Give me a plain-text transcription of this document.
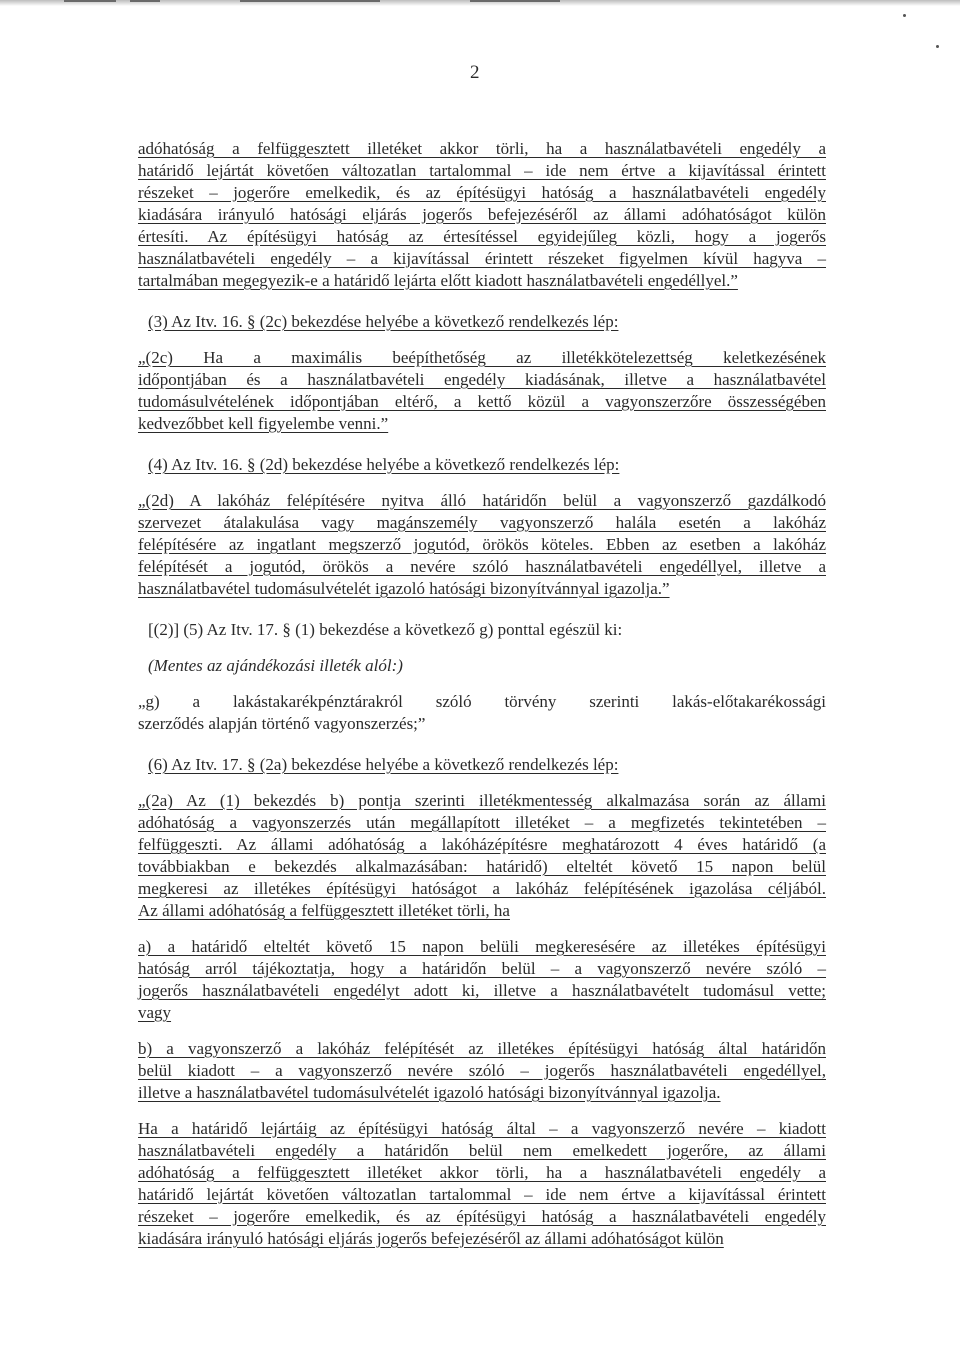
2
adóhatóság a felfüggesztett illetéket akkor törli, ha a használatbavételi engedély a
határidő lejártát követően változatlan tartalommal – ide nem értve a kijavítással érintett
részeket – jogerőre emelkedik, és az építésügyi hatóság a használatbavételi engedély
kiadására irányuló hatósági eljárás jogerős befejezéséről az állami adóhatóságot külön
értesíti. Az építésügyi hatóság az értesítéssel egyidejűleg közli, hogy a jogerős
használatbavételi engedély – a kijavítással érintett részeket figyelmen kívül hagyva –
tartalmában megegyezik-e a határidő lejárta előtt kiadott használatbavételi engedéllyel.”
(3) Az Itv. 16. § (2c) bekezdése helyébe a következő rendelkezés lép:
„(2c) Ha a maximális beépíthetőség az illetékkötelezettség keletkezésének
időpontjában és a használatbavételi engedély kiadásának, illetve a használatbavétel
tudomásulvételének időpontjában eltérő, a kettő közül a vagyonszerzőre összességében
kedvezőbbet kell figyelembe venni.”
(4) Az Itv. 16. § (2d) bekezdése helyébe a következő rendelkezés lép:
„(2d) A lakóház felépítésére nyitva álló határidőn belül a vagyonszerző gazdálkodó
szervezet átalakulása vagy magánszemély vagyonszerző halála esetén a lakóház
felépítésére az ingatlant megszerző jogutód, örökös köteles. Ebben az esetben a lakóház
felépítését a jogutód, örökös a nevére szóló használatbavételi engedéllyel, illetve a
használatbavétel tudomásulvételét igazoló hatósági bizonyítvánnyal igazolja.”
[(2)] (5) Az Itv. 17. § (1) bekezdése a következő g) ponttal egészül ki:
(Mentes az ajándékozási illeték alól:)
„g) a lakástakarékpénztárakról szóló törvény szerinti lakás-előtakarékossági
szerződés alapján történő vagyonszerzés;”
(6) Az Itv. 17. § (2a) bekezdése helyébe a következő rendelkezés lép:
„(2a) Az (1) bekezdés b) pontja szerinti illetékmentesség alkalmazása során az állami
adóhatóság a vagyonszerzés után megállapított illetéket – a megfizetés tekintetében –
felfüggeszti. Az állami adóhatóság a lakóházépítésre meghatározott 4 éves határidő (a
továbbiakban e bekezdés alkalmazásában: határidő) elteltét követő 15 napon belül
megkeresi az illetékes építésügyi hatóságot a lakóház felépítésének igazolása céljából.
Az állami adóhatóság a felfüggesztett illetéket törli, ha
a) a határidő elteltét követő 15 napon belüli megkeresésére az illetékes építésügyi
hatóság arról tájékoztatja, hogy a határidőn belül – a vagyonszerző nevére szóló –
jogerős használatbavételi engedélyt adott ki, illetve a használatbavételt tudomásul vette;
vagy
b) a vagyonszerző a lakóház felépítését az illetékes építésügyi hatóság által határidőn
belül kiadott – a vagyonszerző nevére szóló – jogerős használatbavételi engedéllyel,
illetve a használatbavétel tudomásulvételét igazoló hatósági bizonyítvánnyal igazolja.
Ha a határidő lejártáig az építésügyi hatóság által – a vagyonszerző nevére – kiadott
használatbavételi engedély a határidőn belül nem emelkedett jogerőre, az állami
adóhatóság a felfüggesztett illetéket akkor törli, ha a használatbavételi engedély a
határidő lejártát követően változatlan tartalommal – ide nem értve a kijavítással érintett
részeket – jogerőre emelkedik, és az építésügyi hatóság a használatbavételi engedély
kiadására irányuló hatósági eljárás jogerős befejezéséről az állami adóhatóságot külön
